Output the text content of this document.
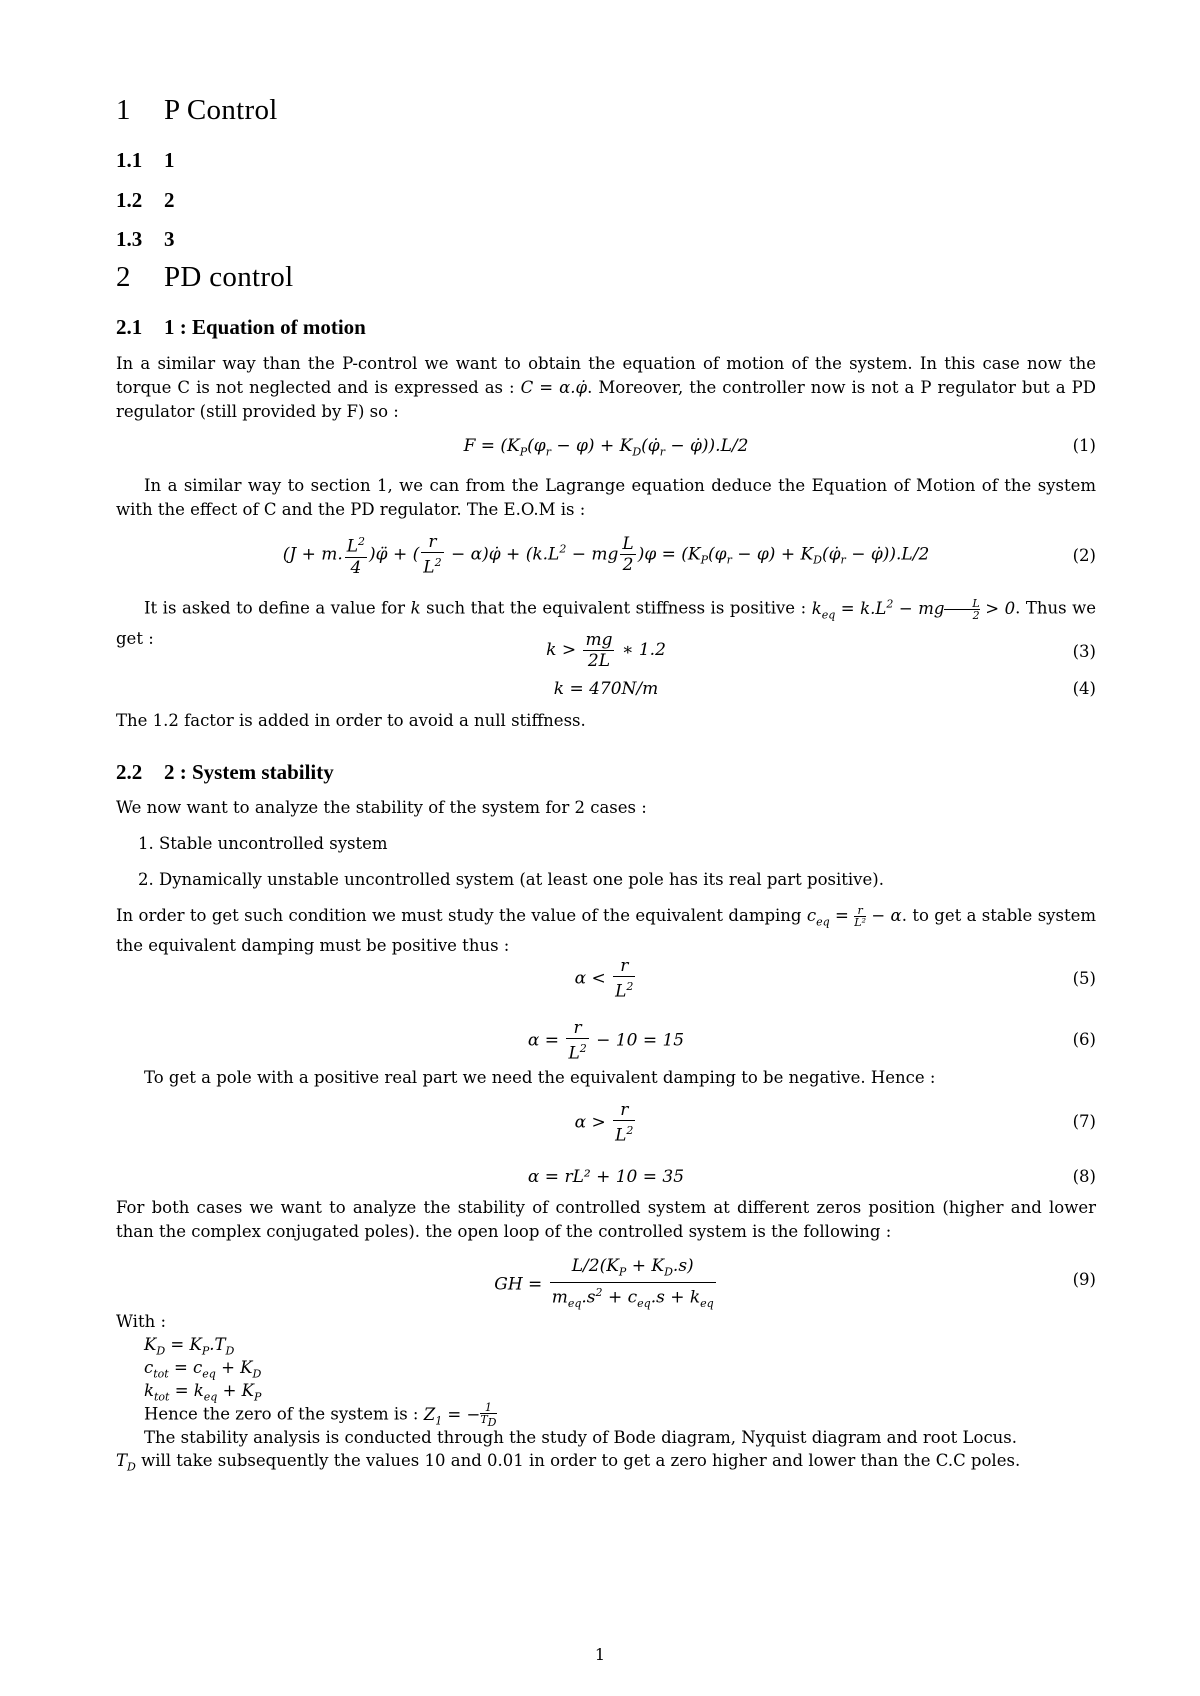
1 P Control
1.1 1
1.2 2
1.3 3
2 PD control
2.1 1 : Equation of motion

In a similar way than the P-control we want to obtain the equation of motion of the system. In this case now the torque C is not neglected and is expressed as : C = α.φ̇. Moreover, the controller now is not a P regulator but a PD regulator (still provided by F) so :

$F = (K_P(\varphi_r - \varphi)$ + $K_D(\varphi̇_r$ − φ̇)).L/2	(1)

In a similar way to section 1, we can from the Lagrange equation deduce the Equation of Motion of the system with the effect of C and the PD regulator. The E.O.M is :

(J + m. $\frac{L^2}{4}$ )φ̈ + ( $\frac{r}{L^2}$ − α)φ̇ + ($k.L^2$ − mg $\frac{L}{2} )\varphi = (K_P(\varphi_r - \varphi)$ + $K_D(\varphi̇_r$ − φ̇)).L/2	(2)

It is asked to define a value for k such that the equivalent stiffness is positive : $k_{eq} = k.L^2$ − mg $\frac{L}{2} > 0$. Thus we get :

$k > \frac{mg}{2L}$ ∗ 1.2	(3)
k = 470N/m	(4)

The 1.2 factor is added in order to avoid a null stiffness.

2.2 2 : System stability

We now want to analyze the stability of the system for 2 cases :

1. Stable uncontrolled system
2. Dynamically unstable uncontrolled system (at least one pole has its real part positive).

In order to get such condition we must study the value of the equivalent damping $c_{eq} = \frac{r}{\text{L²}} - \alpha$. to get a stable system the equivalent damping must be positive thus :

$\alpha < \frac{r}{L^2}$	(5)
$\alpha = \frac{r}{L^2} - 10 = 15$	(6)

To get a pole with a positive real part we need the equivalent damping to be negative. Hence :

$\alpha > \frac{r}{L^2}$	(7)
α = rL² + 10 = 35	(8)

For both cases we want to analyze the stability of controlled system at different zeros position (higher and lower than the complex conjugated poles). the open loop of the controlled system is the following :

GH = $\frac{L/2(K_P + K_D.s)}{m_{eq}.s^2 + c_{eq}.s + k_{eq}}$	(9)

With :

$K_D = K_P.T_D$

$c_{tot} = c_{eq} + K_D$

$k_{tot} = k_{eq} + K_P$

Hence the zero of the system is : $Z_1$ = − $\frac{1}{T_D}$

The stability analysis is conducted through the study of Bode diagram, Nyquist diagram and root Locus.

$T_D$ will take subsequently the values 10 and 0.01 in order to get a zero higher and lower than the C.C poles.

1
